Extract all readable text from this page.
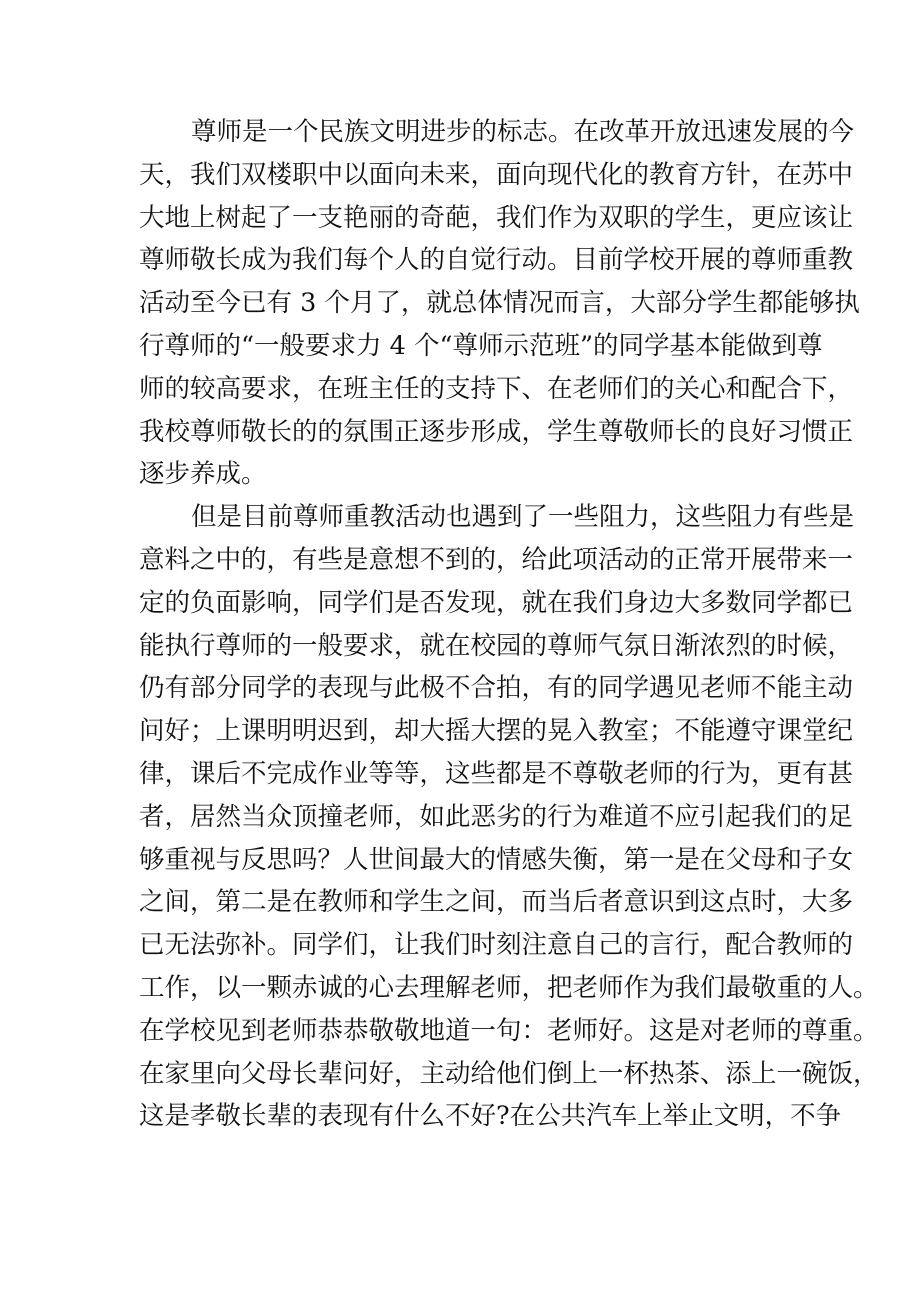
尊师是一个民族文明进步的标志。在改革开放迅速发展的今
天，我们双楼职中以面向未来，面向现代化的教育方针，在苏中
大地上树起了一支艳丽的奇葩，我们作为双职的学生，更应该让
尊师敬长成为我们每个人的自觉行动。目前学校开展的尊师重教
活动至今已有 3 个月了，就总体情况而言，大部分学生都能够执
行尊师的“一般要求力 4 个“尊师示范班”的同学基本能做到尊
师的较高要求，在班主任的支持下、在老师们的关心和配合下，
我校尊师敬长的的氛围正逐步形成，学生尊敬师长的良好习惯正
逐步养成。
但是目前尊师重教活动也遇到了一些阻力，这些阻力有些是
意料之中的，有些是意想不到的，给此项活动的正常开展带来一
定的负面影响，同学们是否发现，就在我们身边大多数同学都已
能执行尊师的一般要求，就在校园的尊师气氛日渐浓烈的时候，
仍有部分同学的表现与此极不合拍，有的同学遇见老师不能主动
问好；上课明明迟到，却大摇大摆的晃入教室；不能遵守课堂纪
律，课后不完成作业等等，这些都是不尊敬老师的行为，更有甚
者，居然当众顶撞老师，如此恶劣的行为难道不应引起我们的足
够重视与反思吗？人世间最大的情感失衡，第一是在父母和子女
之间，第二是在教师和学生之间，而当后者意识到这点时，大多
已无法弥补。同学们，让我们时刻注意自己的言行，配合教师的
工作，以一颗赤诚的心去理解老师，把老师作为我们最敬重的人。
在学校见到老师恭恭敬敬地道一句：老师好。这是对老师的尊重。
在家里向父母长辈问好，主动给他们倒上一杯热茶、添上一碗饭，
这是孝敬长辈的表现有什么不好?在公共汽车上举止文明，不争
